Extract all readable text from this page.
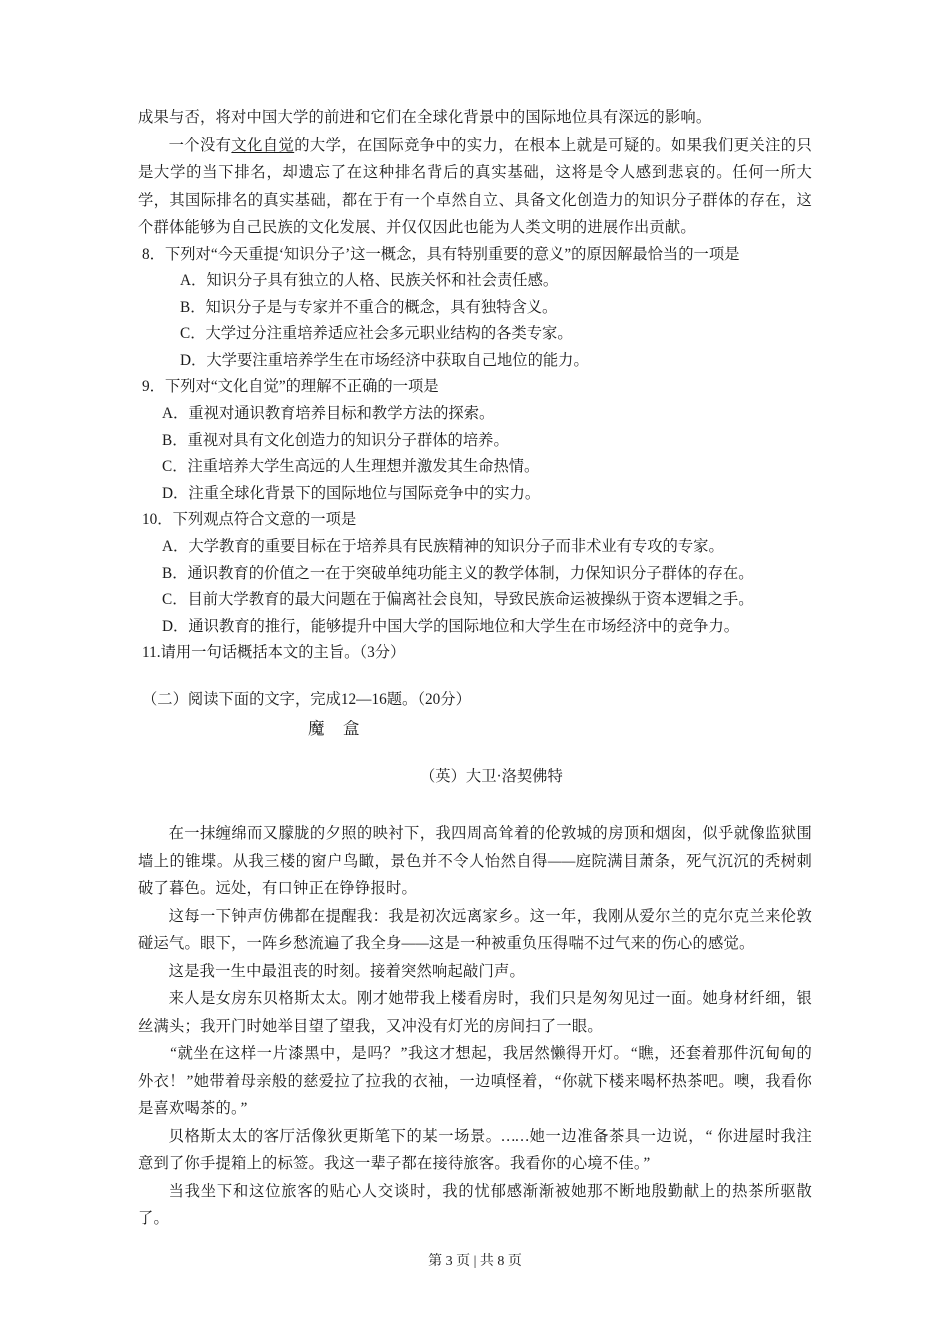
成果与否，将对中国大学的前进和它们在全球化背景中的国际地位具有深远的影响。

一个没有文化自觉的大学，在国际竞争中的实力，在根本上就是可疑的。如果我们更关注的只是大学的当下排名，却遗忘了在这种排名背后的真实基础，这将是令人感到悲哀的。任何一所大学，其国际排名的真实基础，都在于有一个卓然自立、具备文化创造力的知识分子群体的存在，这个群体能够为自己民族的文化发展、并仅仅因此也能为人类文明的进展作出贡献。

8．下列对“今天重提‘知识分子’这一概念，具有特别重要的意义”的原因解最恰当的一项是

A．知识分子具有独立的人格、民族关怀和社会责任感。

B．知识分子是与专家并不重合的概念，具有独特含义。

C．大学过分注重培养适应社会多元职业结构的各类专家。

D．大学要注重培养学生在市场经济中获取自己地位的能力。

9．下列对“文化自觉”的理解不正确的一项是

A．重视对通识教育培养目标和教学方法的探索。

B．重视对具有文化创造力的知识分子群体的培养。

C．注重培养大学生高远的人生理想并激发其生命热情。

D．注重全球化背景下的国际地位与国际竞争中的实力。

10．下列观点符合文意的一项是

A．大学教育的重要目标在于培养具有民族精神的知识分子而非术业有专攻的专家。

B．通识教育的价值之一在于突破单纯功能主义的教学体制，力保知识分子群体的存在。

C．目前大学教育的最大问题在于偏离社会良知，导致民族命运被操纵于资本逻辑之手。

D．通识教育的推行，能够提升中国大学的国际地位和大学生在市场经济中的竞争力。

11.请用一句话概括本文的主旨。（3分）

（二）阅读下面的文字，完成12—16题。（20分）

魔　盒

（英）大卫·洛契佛特

在一抹缠绵而又朦胧的夕照的映衬下，我四周高耸着的伦敦城的房顶和烟囱，似乎就像监狱围墙上的锥堞。从我三楼的窗户鸟瞰，景色并不令人怡然自得——庭院满目萧条，死气沉沉的秃树刺破了暮色。远处，有口钟正在铮铮报时。

这每一下钟声仿佛都在提醒我：我是初次远离家乡。这一年，我刚从爱尔兰的克尔克兰来伦敦碰运气。眼下，一阵乡愁流遍了我全身——这是一种被重负压得喘不过气来的伤心的感觉。

这是我一生中最沮丧的时刻。接着突然响起敲门声。

来人是女房东贝格斯太太。刚才她带我上楼看房时，我们只是匆匆见过一面。她身材纤细，银丝满头；我开门时她举目望了望我，又冲没有灯光的房间扫了一眼。

“就坐在这样一片漆黑中，是吗？”我这才想起，我居然懒得开灯。“瞧，还套着那件沉甸甸的外衣！”她带着母亲般的慈爱拉了拉我的衣袖，一边嗔怪着，“你就下楼来喝杯热茶吧。噢，我看你是喜欢喝茶的。”

贝格斯太太的客厅活像狄更斯笔下的某一场景。……她一边准备茶具一边说，“ 你进屋时我注意到了你手提箱上的标签。我这一辈子都在接待旅客。我看你的心境不佳。”

当我坐下和这位旅客的贴心人交谈时，我的忧郁感渐渐被她那不断地殷勤献上的热茶所驱散了。

第 3 页 | 共 8 页
